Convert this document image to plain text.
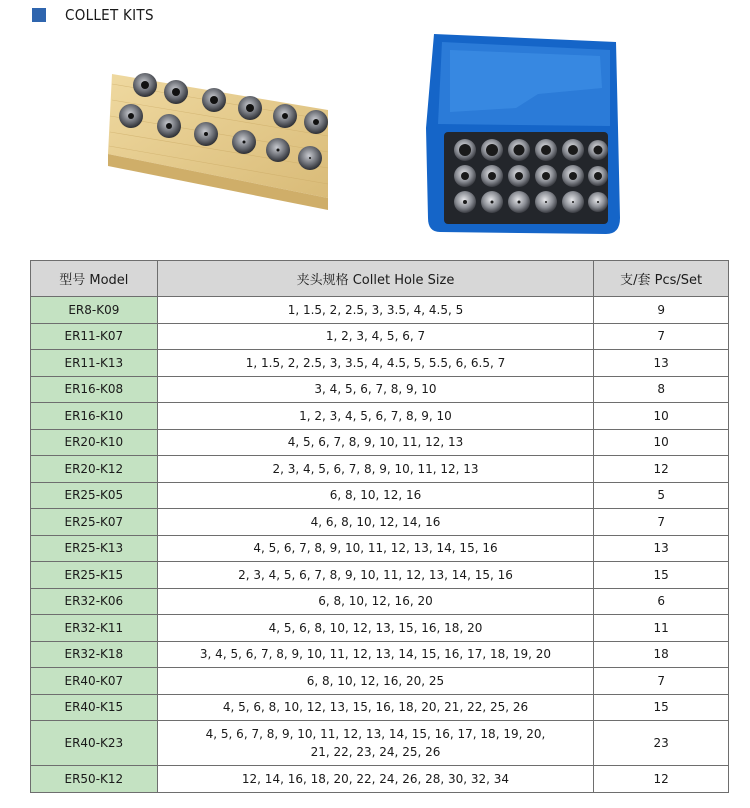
COLLET KITS
型号 Model	夹头规格 Collet Hole Size	支/套 Pcs/Set
ER8-K09	1, 1.5, 2, 2.5, 3, 3.5, 4, 4.5, 5	9
ER11-K07	1, 2, 3, 4, 5, 6, 7	7
ER11-K13	1, 1.5, 2, 2.5, 3, 3.5, 4, 4.5, 5, 5.5, 6, 6.5, 7	13
ER16-K08	3, 4, 5, 6, 7, 8, 9, 10	8
ER16-K10	1, 2, 3, 4, 5, 6, 7, 8, 9, 10	10
ER20-K10	4, 5, 6, 7, 8, 9, 10, 11, 12, 13	10
ER20-K12	2, 3, 4, 5, 6, 7, 8, 9, 10, 11, 12, 13	12
ER25-K05	6, 8, 10, 12, 16	5
ER25-K07	4, 6, 8, 10, 12, 14, 16	7
ER25-K13	4, 5, 6, 7, 8, 9, 10, 11, 12, 13, 14, 15, 16	13
ER25-K15	2, 3, 4, 5, 6, 7, 8, 9, 10, 11, 12, 13, 14, 15, 16	15
ER32-K06	6, 8, 10, 12, 16, 20	6
ER32-K11	4, 5, 6, 8, 10, 12, 13, 15, 16, 18, 20	11
ER32-K18	3, 4, 5, 6, 7, 8, 9, 10, 11, 12, 13, 14, 15, 16, 17, 18, 19, 20	18
ER40-K07	6, 8, 10, 12, 16, 20, 25	7
ER40-K15	4, 5, 6, 8, 10, 12, 13, 15, 16, 18, 20, 21, 22, 25, 26	15
ER40-K23	4, 5, 6, 7, 8, 9, 10, 11, 12, 13, 14, 15, 16, 17, 18, 19, 20,
21, 22, 23, 24, 25, 26	23
ER50-K12	12, 14, 16, 18, 20, 22, 24, 26, 28, 30, 32, 34	12
